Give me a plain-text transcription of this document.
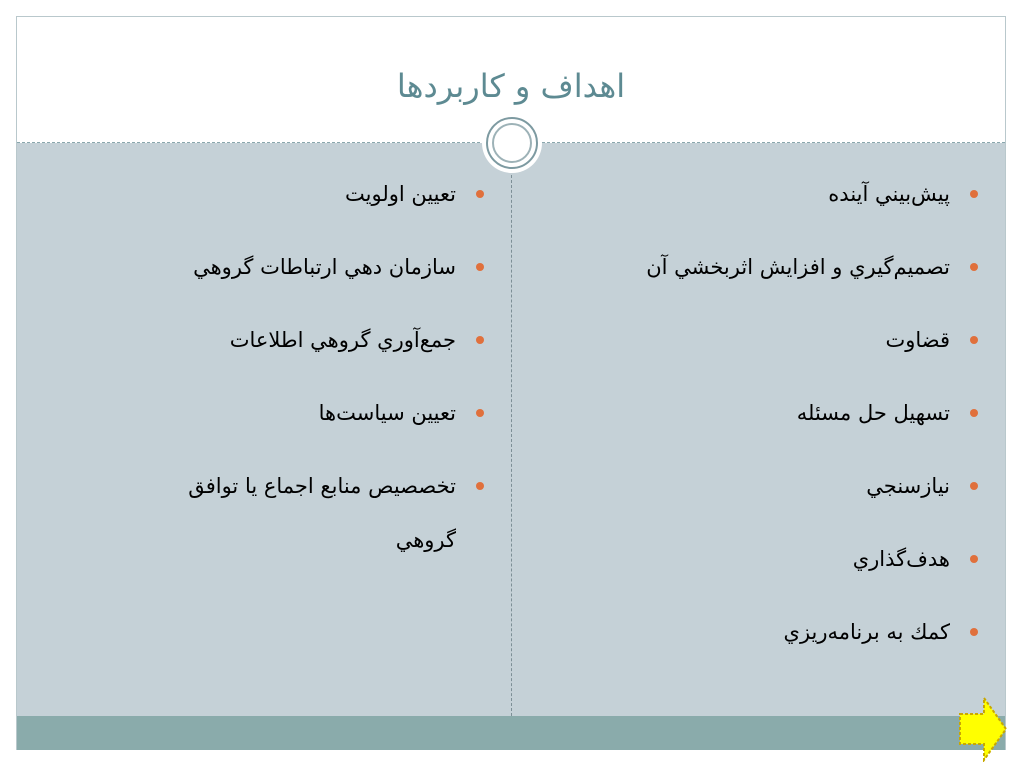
اهداف و كاربردها
پيش‌بيني آينده
تصميم‌گيري و افزايش اثربخشي آن
قضاوت
تسهيل حل مسئله
نيازسنجي
هدف‌گذاري
كمك به برنامه‌ريزي
تعيين اولويت
سازمان دهي ارتباطات گروهي
جمع‌آوري گروهي اطلاعات
تعيين سياست‌ها
تخصصيص منابع اجماع يا توافق
گروهي
